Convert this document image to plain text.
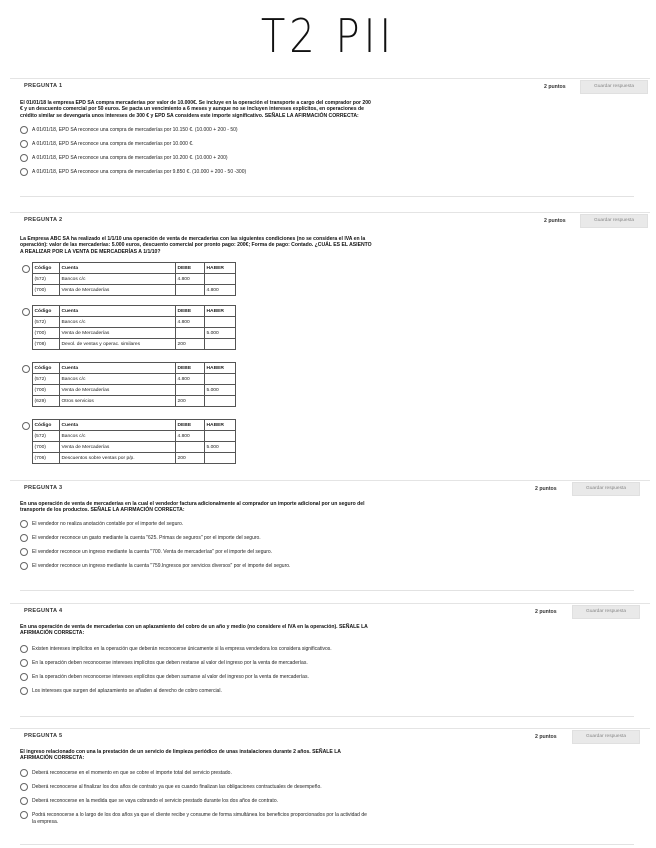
T2 PII
PREGUNTA 1	2 puntos	Guardar respuesta
El 01/01/18 la empresa EPD SA compra mercaderías por valor de 10.000€. Se incluye en la operación el transporte a cargo del comprador por 200
€ y un descuento comercial por 50 euros. Se pacta un vencimiento a 6 meses y aunque no se incluyen intereses explícitos, en operaciones de
crédito similar se devengaría unos intereses de 300 € y EPD SA considera este importe significativo. SEÑALE LA AFIRMACIÓN CORRECTA:
A 01/01/18, EPD SA reconoce una compra de mercaderías por 10.150 €. (10.000 + 200 - 50)
A 01/01/18, EPD SA reconoce una compra de mercaderías por 10.000 €.
A 01/01/18, EPD SA reconoce una compra de mercaderías por 10.200 €. (10.000 + 200)
A 01/01/18, EPD SA reconoce una compra de mercaderías por 9.850 €. (10.000 + 200 - 50 -300)
PREGUNTA 2	2 puntos	Guardar respuesta
La Empresa ABC SA ha realizado el 1/1/10 una operación de venta de mercaderías con las siguientes condiciones (no se considera el IVA en la
operación): valor de las mercaderías: 5.000 euros, descuento comercial por pronto pago: 200€; Forma de pago: Contado. ¿CUÁL ES EL ASIENTO
A REALIZAR POR LA VENTA DE MERCADERÍAS A 1/1/10?
Código	Cuenta	DEBE	HABER
(572)	Bancos c/c	4.800	
(700)	Venta de Mercaderías		4.800
Código	Cuenta	DEBE	HABER
(572)	Bancos c/c	4.800	
(700)	Venta de Mercaderías		5.000
(708)	Devol. de ventas y operac. similares	200	
Código	Cuenta	DEBE	HABER
(572)	Bancos c/c	4.800	
(700)	Venta de Mercaderías		5.000
(629)	Otros servicios	200	
Código	Cuenta	DEBE	HABER
(572)	Bancos c/c	4.800	
(700)	Venta de Mercaderías		5.000
(706)	Descuentos sobre ventas por p/p.	200	
PREGUNTA 3	2 puntos	Guardar respuesta
En una operación de venta de mercaderías en la cual el vendedor factura adicionalmente al comprador un importe adicional por un seguro del
transporte de los productos. SEÑALE LA AFIRMACIÓN CORRECTA:
El vendedor no realiza anotación contable por el importe del seguro.
El vendedor reconoce un gasto mediante la cuenta "625. Primas de seguros" por el importe del seguro.
El vendedor reconoce un ingreso mediante la cuenta "700. Venta de mercaderías" por el importe del seguro.
El vendedor reconoce un ingreso mediante la cuenta "759.Ingresos por servicios diversos" por el importe del seguro.
PREGUNTA 4	2 puntos	Guardar respuesta
En una operación de venta de mercaderías con un aplazamiento del cobro de un año y medio (no considere el IVA en la operación). SEÑALE LA
AFIRMACIÓN CORRECTA:
Existen intereses implícitos en la operación que deberán reconocerse únicamente si la empresa vendedora los considera significativos.
En la operación deben reconocerse intereses implícitos que deben restarse al valor del ingreso por la venta de mercaderías.
En la operación deben reconocerse intereses explícitos que deben sumarse al valor del ingreso por la venta de mercaderías.
Los intereses que surgen del aplazamiento se añaden al derecho de cobro comercial.
PREGUNTA 5	2 puntos	Guardar respuesta
El ingreso relacionado con una la prestación de un servicio de limpieza periódico de unas instalaciones durante 2 años. SEÑALE LA
AFIRMACIÓN CORRECTA:
Deberá reconocerse en el momento en que se cobre el importe total del servicio prestado.
Deberá reconocerse al finalizar los dos años de contrato ya que es cuando finalizan las obligaciones contractuales de desempeño.
Deberá reconocerse en la medida que se vaya cobrando el servicio prestado durante los dos años de contrato.
Podrá reconocerse a lo largo de los dos años ya que el cliente recibe y consume de forma simultánea los beneficios proporcionados por la actividad de
la empresa.
